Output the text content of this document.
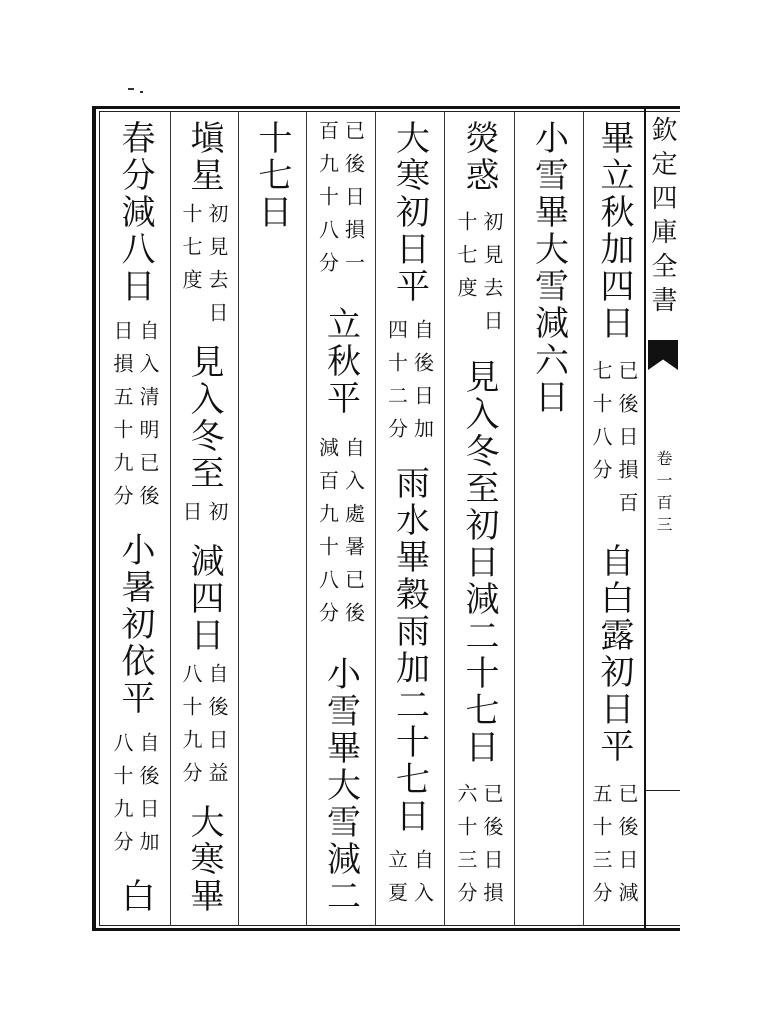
欽定四庫全書
卷一百三
畢立秋加四日
已後日損百
七十八分
自白露初日平
已後日減
五十三分
小雪畢大雪減六日
熒惑
初見去日
十七度
見入冬至初日減二十七日
已後日損
六十三分
大寒初日平
自後日加
四十二分
雨水畢穀雨加二十七日
自入
立夏
已後日損一
百九十八分
立秋平
自入處暑已後
減百九十八分
小雪畢大雪減二
十七日
塡星
初見去日
十七度
見入冬至
初
日
減四日
自後日益
八十九分
大寒畢
春分減八日
自入清明已後
日損五十九分
小暑初依平
自後日加
八十九分
白
